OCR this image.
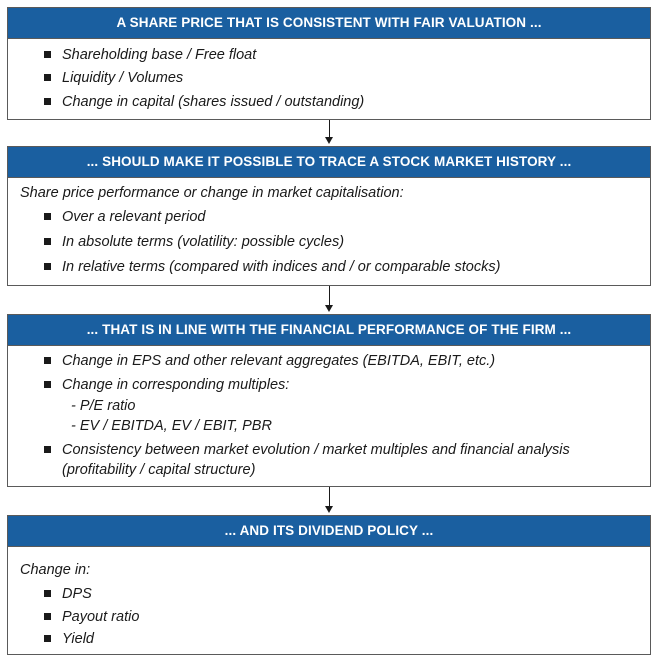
A SHARE PRICE THAT IS CONSISTENT WITH FAIR VALUATION ...
Shareholding base / Free float
Liquidity / Volumes
Change in capital (shares issued / outstanding)
... SHOULD MAKE IT POSSIBLE TO TRACE A STOCK MARKET HISTORY ...
Share price performance or change in market capitalisation:
Over a relevant period
In absolute terms (volatility: possible cycles)
In relative terms (compared with indices and / or comparable stocks)
... THAT IS IN LINE WITH THE FINANCIAL PERFORMANCE OF THE FIRM ...
Change in EPS and other relevant aggregates (EBITDA, EBIT, etc.)
Change in corresponding multiples:
- P/E ratio
- EV / EBITDA, EV / EBIT, PBR
Consistency between market evolution / market multiples and financial analysis
(profitability / capital structure)
... AND ITS DIVIDEND POLICY ...
Change in:
DPS
Payout ratio
Yield
